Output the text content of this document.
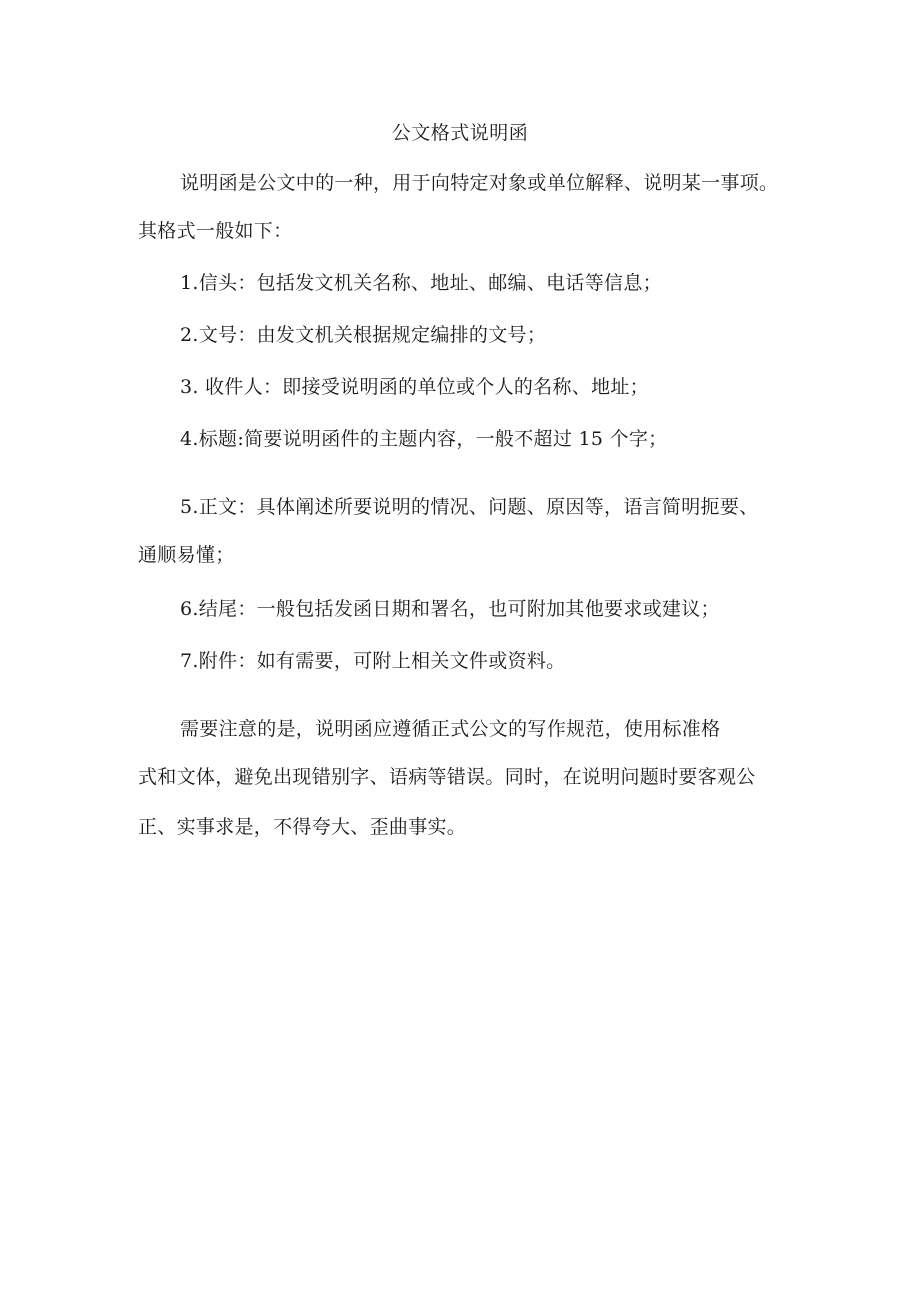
公文格式说明函
说明函是公文中的一种，用于向特定对象或单位解释、说明某一事项。
其格式一般如下：
1.信头：包括发文机关名称、地址、邮编、电话等信息；
2.文号：由发文机关根据规定编排的文号；
3. 收件人：即接受说明函的单位或个人的名称、地址；
4.标题:简要说明函件的主题内容，一般不超过 15 个字；
5.正文：具体阐述所要说明的情况、问题、原因等，语言简明扼要、
通顺易懂；
6.结尾：一般包括发函日期和署名，也可附加其他要求或建议；
7.附件：如有需要，可附上相关文件或资料。
需要注意的是，说明函应遵循正式公文的写作规范，使用标准格
式和文体，避免出现错别字、语病等错误。同时，在说明问题时要客观公
正、实事求是，不得夸大、歪曲事实。
